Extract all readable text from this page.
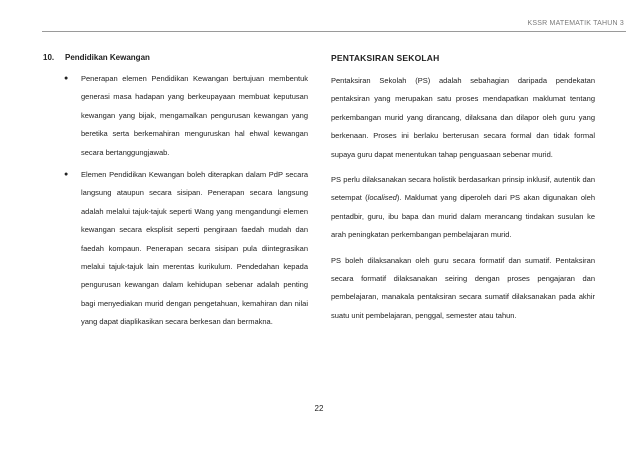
KSSR MATEMATIK TAHUN 3

10. Pendidikan Kewangan

● Penerapan elemen Pendidikan Kewangan bertujuan membentuk generasi masa hadapan yang berkeupayaan membuat keputusan kewangan yang bijak, mengamalkan pengurusan kewangan yang beretika serta berkemahiran menguruskan hal ehwal kewangan secara bertanggungjawab.
● Elemen Pendidikan Kewangan boleh diterapkan dalam PdP secara langsung ataupun secara sisipan. Penerapan secara langsung adalah melalui tajuk-tajuk seperti Wang yang mengandungi elemen kewangan secara eksplisit seperti pengiraan faedah mudah dan faedah kompaun. Penerapan secara sisipan pula diintegrasikan melalui tajuk-tajuk lain merentas kurikulum. Pendedahan kepada pengurusan kewangan dalam kehidupan sebenar adalah penting bagi menyediakan murid dengan pengetahuan, kemahiran dan nilai yang dapat diaplikasikan secara berkesan dan bermakna.

PENTAKSIRAN SEKOLAH

Pentaksiran Sekolah (PS) adalah sebahagian daripada pendekatan pentaksiran yang merupakan satu proses mendapatkan maklumat tentang perkembangan murid yang dirancang, dilaksana dan dilapor oleh guru yang berkenaan. Proses ini berlaku berterusan secara formal dan tidak formal supaya guru dapat menentukan tahap penguasaan sebenar murid.

PS perlu dilaksanakan secara holistik berdasarkan prinsip inklusif, autentik dan setempat (localised). Maklumat yang diperoleh dari PS akan digunakan oleh pentadbir, guru, ibu bapa dan murid dalam merancang tindakan susulan ke arah peningkatan perkembangan pembelajaran murid.

PS boleh dilaksanakan oleh guru secara formatif dan sumatif. Pentaksiran secara formatif dilaksanakan seiring dengan proses pengajaran dan pembelajaran, manakala pentaksiran secara sumatif dilaksanakan pada akhir suatu unit pembelajaran, penggal, semester atau tahun.

22
